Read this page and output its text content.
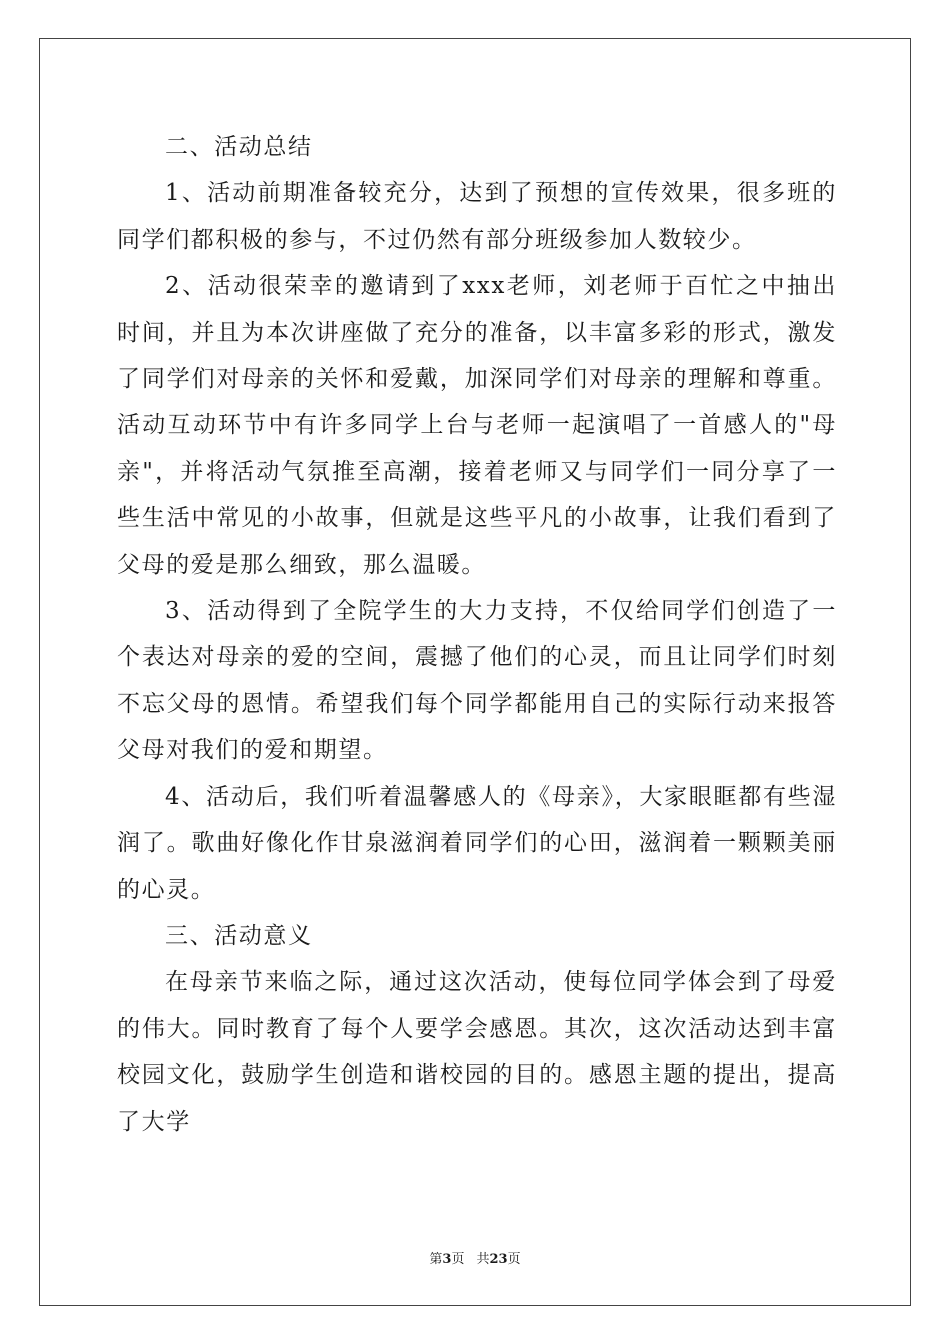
二、活动总结

1、活动前期准备较充分，达到了预想的宣传效果，很多班的同学们都积极的参与，不过仍然有部分班级参加人数较少。

2、活动很荣幸的邀请到了xxx老师，刘老师于百忙之中抽出时间，并且为本次讲座做了充分的准备，以丰富多彩的形式，激发了同学们对母亲的关怀和爱戴，加深同学们对母亲的理解和尊重。活动互动环节中有许多同学上台与老师一起演唱了一首感人的"母亲"，并将活动气氛推至高潮，接着老师又与同学们一同分享了一些生活中常见的小故事，但就是这些平凡的小故事，让我们看到了父母的爱是那么细致，那么温暖。

3、活动得到了全院学生的大力支持，不仅给同学们创造了一个表达对母亲的爱的空间，震撼了他们的心灵，而且让同学们时刻不忘父母的恩情。希望我们每个同学都能用自己的实际行动来报答父母对我们的爱和期望。

4、活动后，我们听着温馨感人的《母亲》，大家眼眶都有些湿润了。歌曲好像化作甘泉滋润着同学们的心田，滋润着一颗颗美丽的心灵。

三、活动意义

在母亲节来临之际，通过这次活动，使每位同学体会到了母爱的伟大。同时教育了每个人要学会感恩。其次，这次活动达到丰富校园文化，鼓励学生创造和谐校园的目的。感恩主题的提出，提高了大学

第3页 共23页
